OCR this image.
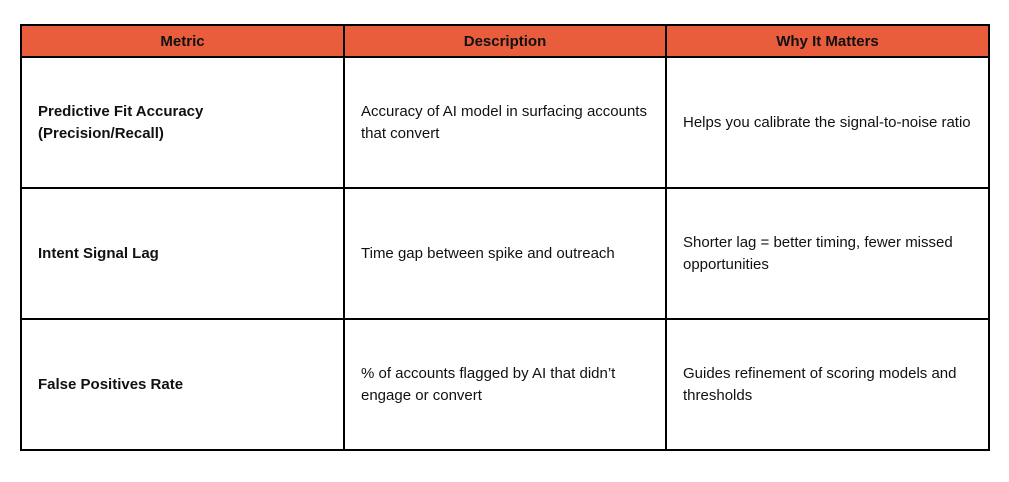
Metric	Description	Why It Matters
Predictive Fit Accuracy (Precision/Recall)	Accuracy of AI model in surfacing accounts that convert	Helps you calibrate the signal-to-noise ratio
Intent Signal Lag	Time gap between spike and outreach	Shorter lag = better timing, fewer missed opportunities
False Positives Rate	% of accounts flagged by AI that didn’t engage or convert	Guides refinement of scoring models and thresholds
